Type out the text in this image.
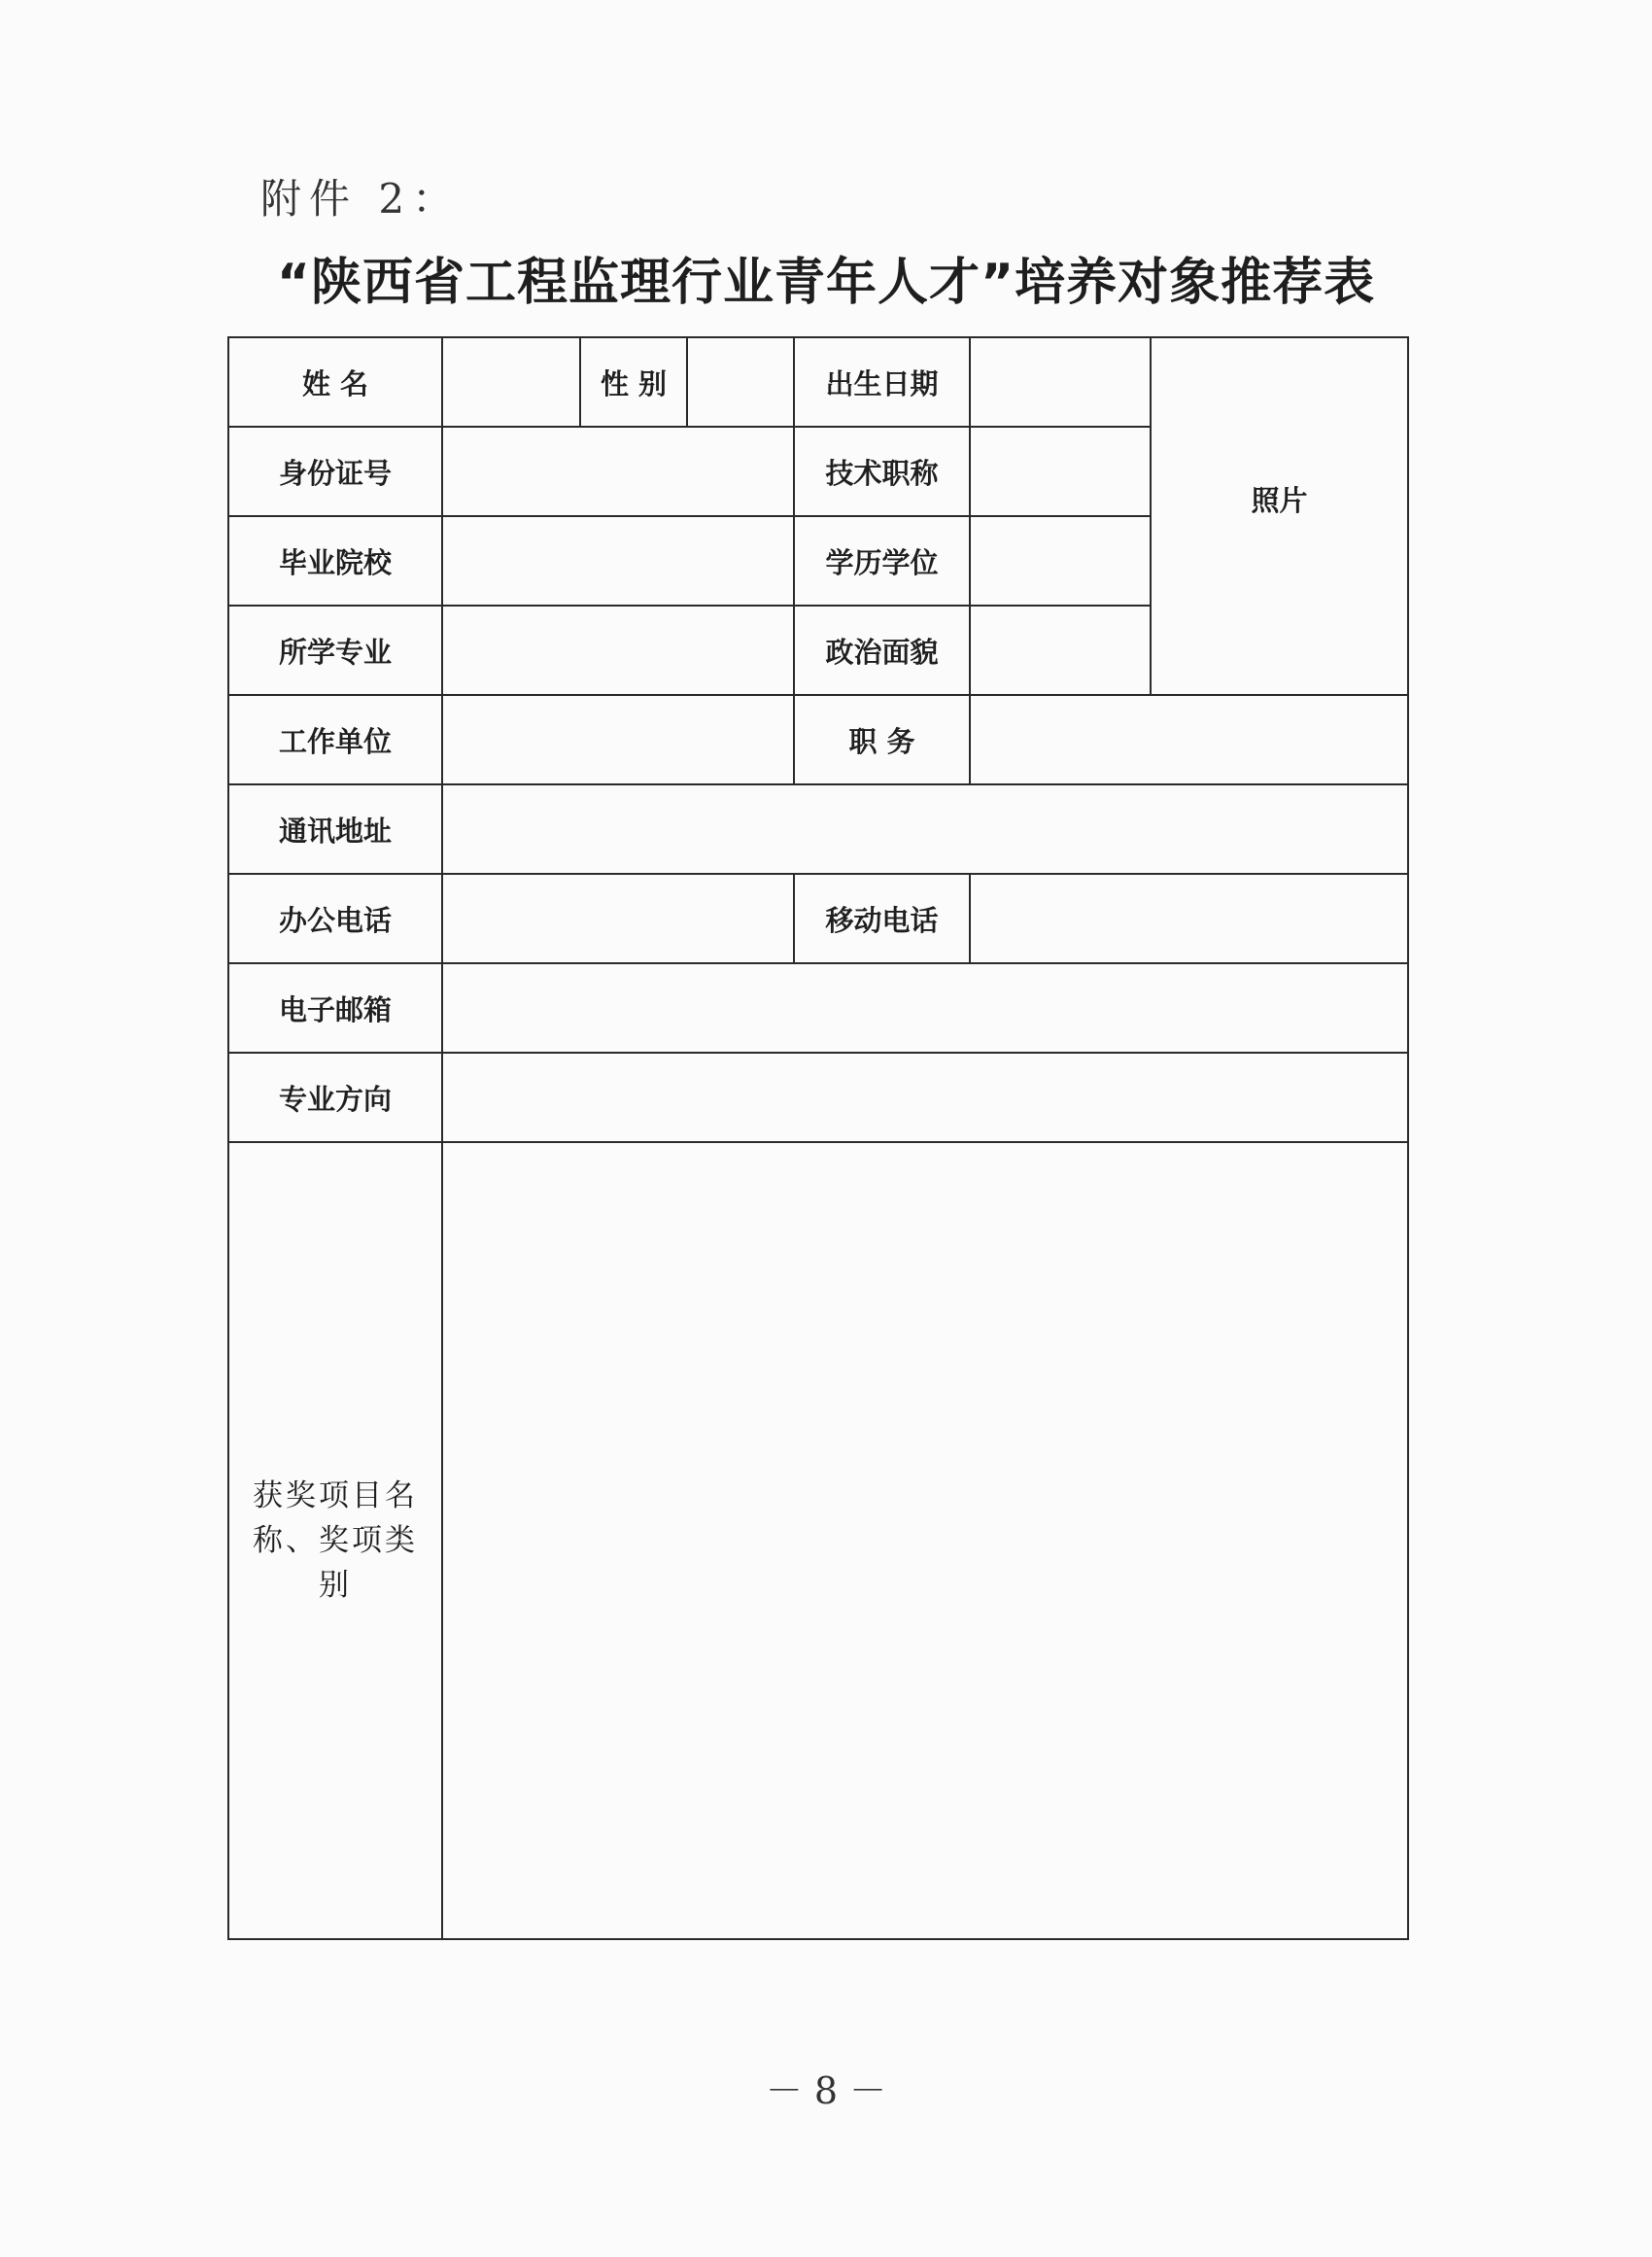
附件 2：
“陕西省工程监理行业青年人才”培养对象推荐表
姓 名		性 别		出生日期		照片
身份证号				技术职称		
毕业院校				学历学位		
所学专业				政治面貌		
工作单位				职 务		
通讯地址						
办公电话				移动电话		
电子邮箱						
专业方向						
获奖项目名
称、奖项类别						
－ 8 －
